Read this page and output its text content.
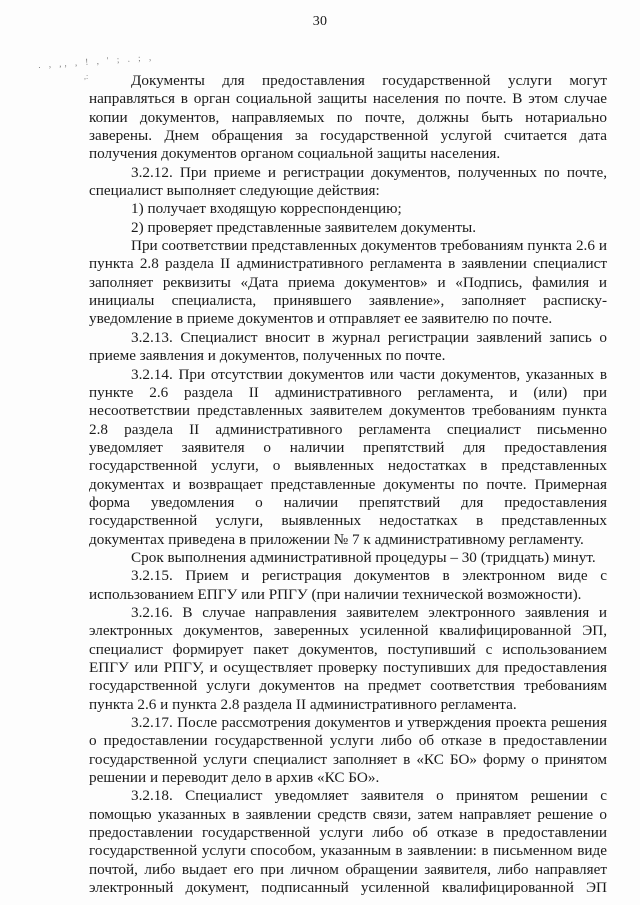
. , ,, , ! , ' ; . ; ,
,:
30

Документы для предоставления государственной услуги могут направляться в орган социальной защиты населения по почте. В этом случае копии документов, направляемых по почте, должны быть нотариально заверены. Днем обращения за государственной услугой считается дата получения документов органом социальной защиты населения.

3.2.12. При приеме и регистрации документов, полученных по почте, специалист выполняет следующие действия:

1) получает входящую корреспонденцию;

2) проверяет представленные заявителем документы.

При соответствии представленных документов требованиям пункта 2.6 и пункта 2.8 раздела II административного регламента в заявлении специалист заполняет реквизиты «Дата приема документов» и «Подпись, фамилия и инициалы специалиста, принявшего заявление», заполняет расписку-уведомление в приеме документов и отправляет ее заявителю по почте.

3.2.13. Специалист вносит в журнал регистрации заявлений запись о приеме заявления и документов, полученных по почте.

3.2.14. При отсутствии документов или части документов, указанных в пункте 2.6 раздела II административного регламента, и (или) при несоответствии представленных заявителем документов требованиям пункта 2.8 раздела II административного регламента специалист письменно уведомляет заявителя о наличии препятствий для предоставления государственной услуги, о выявленных недостатках в представленных документах и возвращает представленные документы по почте. Примерная форма уведомления о наличии препятствий для предоставления государственной услуги, выявленных недостатках в представленных документах приведена в приложении № 7 к административному регламенту.

Срок выполнения административной процедуры – 30 (тридцать) минут.

3.2.15. Прием и регистрация документов в электронном виде с использованием ЕПГУ или РПГУ (при наличии технической возможности).

3.2.16. В случае направления заявителем электронного заявления и электронных документов, заверенных усиленной квалифицированной ЭП, специалист формирует пакет документов, поступивший с использованием ЕПГУ или РПГУ, и осуществляет проверку поступивших для предоставления государственной услуги документов на предмет соответствия требованиям пункта 2.6 и пункта 2.8 раздела II административного регламента.

3.2.17. После рассмотрения документов и утверждения проекта решения о предоставлении государственной услуги либо об отказе в предоставлении государственной услуги специалист заполняет в «КС БО» форму о принятом решении и переводит дело в архив «КС БО».

3.2.18. Специалист уведомляет заявителя о принятом решении с помощью указанных в заявлении средств связи, затем направляет решение о предоставлении государственной услуги либо об отказе в предоставлении государственной услуги способом, указанным в заявлении: в письменном виде почтой, либо выдает его при личном обращении заявителя, либо направляет электронный документ, подписанный усиленной квалифицированной ЭП
